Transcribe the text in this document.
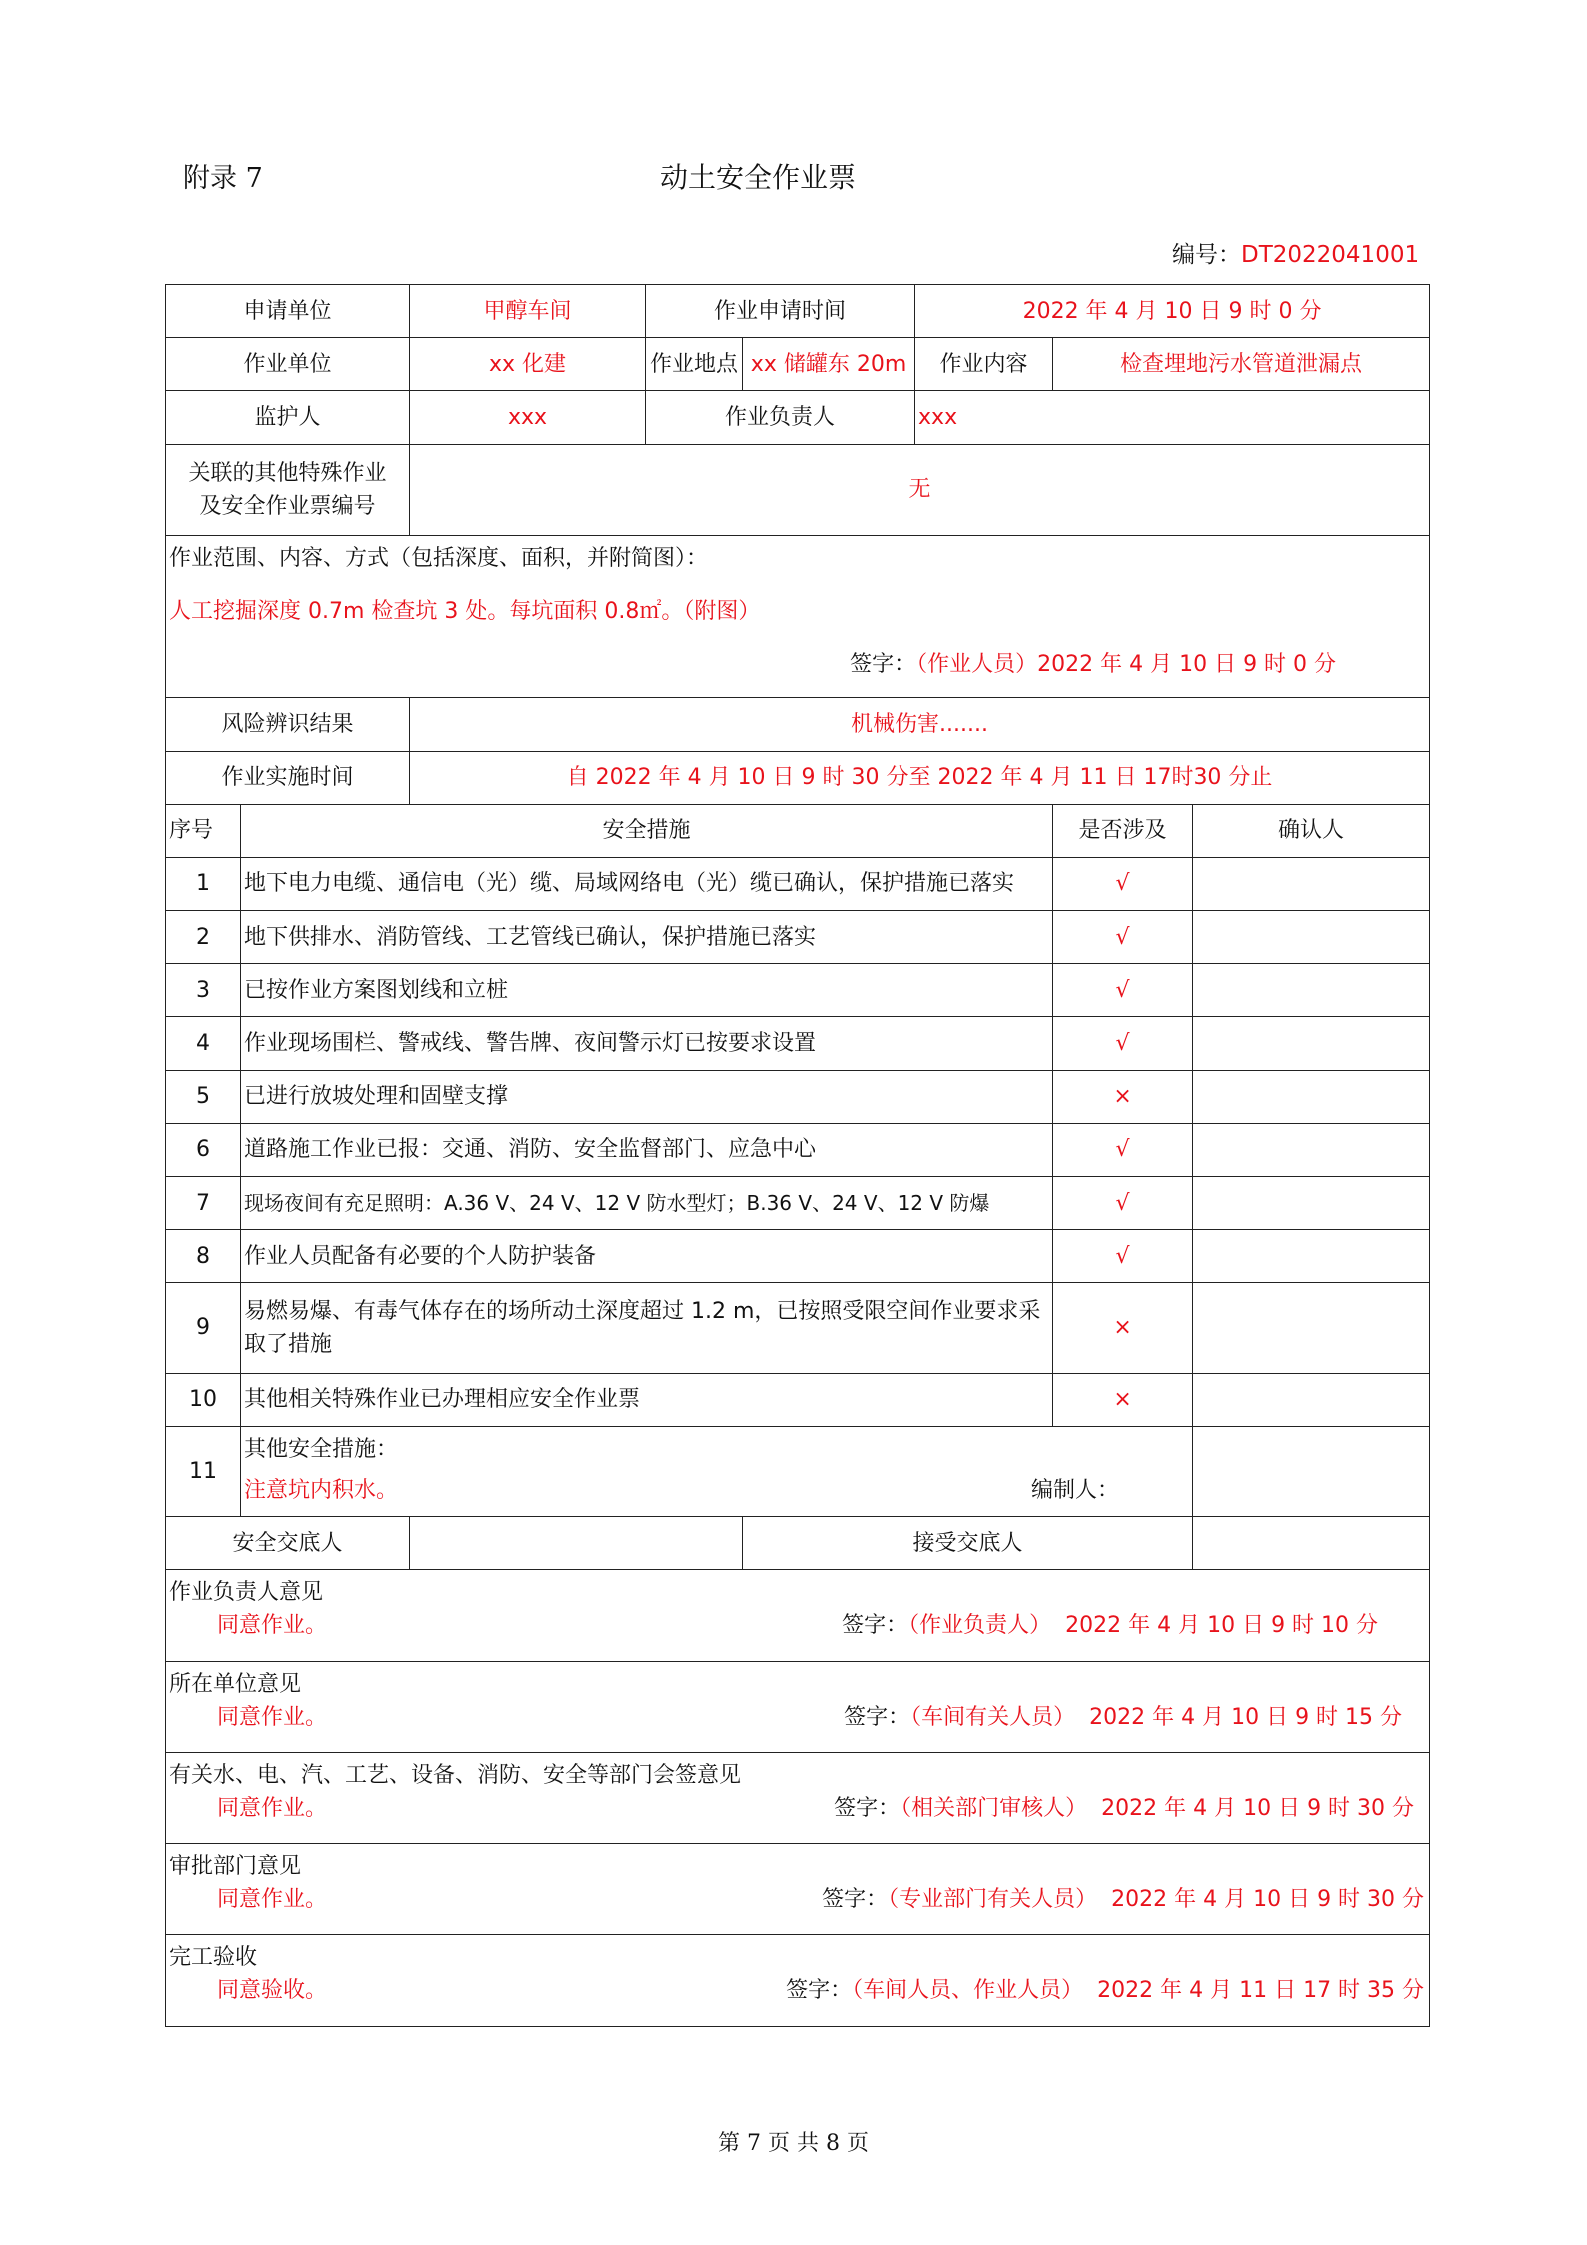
附录 7	动土安全作业票
编号：DT2022041001
申请单位		甲醇车间	作业申请时间		2022 年 4 月 10 日 9 时 0 分		
作业单位		xx 化建	作业地点	xx 储罐东 20m	作业内容	检查埋地污水管道泄漏点	
监护人		xxx	作业负责人		xxx		

关联的其他特殊作业
及安全作业票编号		无					

作业范围、内容、方式（包括深度、面积，并附简图）：
人工挖掘深度 0.7m 检查坑 3 处。每坑面积 0.8㎡。（附图）
签字：（作业人员）2022 年 4 月 10 日 9 时 0 分							

风险辨识结果		机械伤害.......					
作业实施时间		自 2022 年 4 月 10 日 9 时 30 分至 2022 年 4 月 11 日 17时30 分止					
序号	安全措施					是否涉及	确认人
1	地下电力电缆、通信电（光）缆、局域网络电（光）缆已确认，保护措施已落实					√	
2	地下供排水、消防管线、工艺管线已确认，保护措施已落实					√	
3	已按作业方案图划线和立桩					√	
4	作业现场围栏、警戒线、警告牌、夜间警示灯已按要求设置					√	
5	已进行放坡处理和固壁支撑					×	
6	道路施工作业已报：交通、消防、安全监督部门、应急中心					√	
7	现场夜间有充足照明：A.36 V、24 V、12 V 防水型灯；B.36 V、24 V、12 V 防爆					√	
8	作业人员配备有必要的个人防护装备					√	
9	易燃易爆、有毒气体存在的场所动土深度超过 1.2 m，已按照受限空间作业要求采 取了措施					×	
10	其他相关特殊作业已办理相应安全作业票					×	
11	其他安全措施：
注意坑内积水。 编制人：						

安全交底人				接受交底人			

作业负责人意见
同意作业。 签字：（作业负责人）  2022 年 4 月 10 日 9 时 10 分							

所在单位意见
同意作业。 签字：（车间有关人员）  2022 年 4 月 10 日 9 时 15 分							

有关水、电、汽、工艺、设备、消防、安全等部门会签意见
同意作业。 签字：（相关部门审核人）  2022 年 4 月 10 日 9 时 30 分							

审批部门意见
同意作业。 签字：（专业部门有关人员）  2022 年 4 月 10 日 9 时 30 分							

完工验收
同意验收。 签字：（车间人员、作业人员）  2022 年 4 月 11 日 17 时 35 分							
第 7 页 共 8 页
